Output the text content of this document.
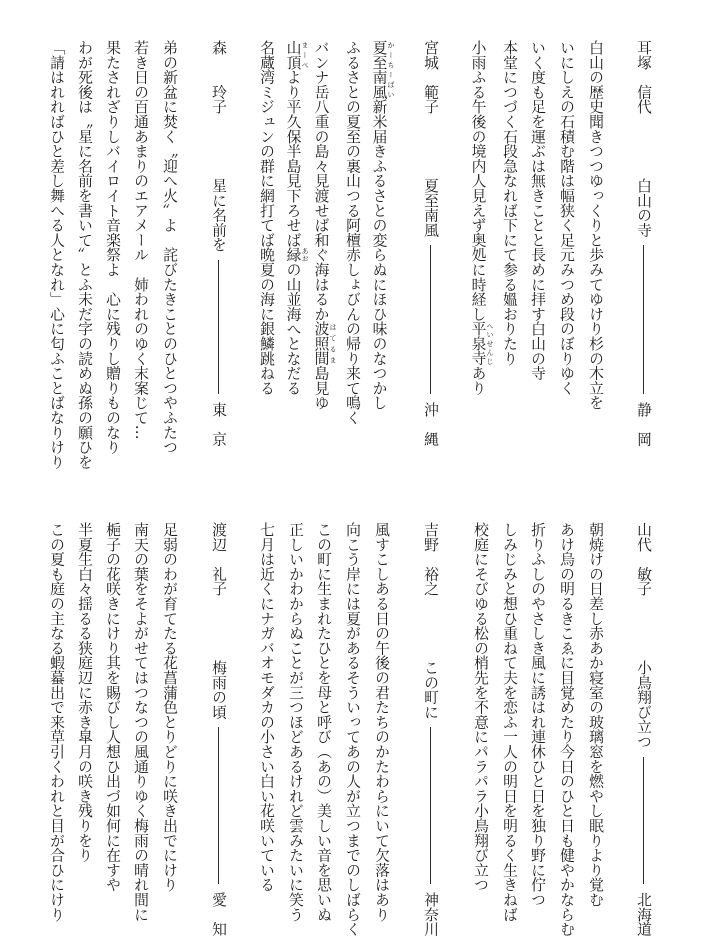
耳塚　信代
白山の寺
静　岡
白山の歴史聞きつつゆっくりと歩みてゆけり杉の木立を
いにしえの石積む階は幅狭く足元みつめ段のぼりゆく
いく度も足を運ぶは無きことと長めに拝す白山の寺
本堂につづく石段急なれば下にて参る媼おりたり
小雨ふる午後の境内人見えず奥処に時経し平泉寺 へいせんじあり
宮城　範子
夏至南風
沖　縄
夏至南風 かーちーばい新米届きふるさとの変らぬにほひ味のなつかし
ふるさとの夏至の裏山つる阿檀赤しょびんの帰り来て鳴く
バンナ岳八重の島々見渡せば和ぐ海はるか波照間 はてるま島見ゆ
山頂 まーぺより平久保半島見下ろせば緑 あおの山並海へとなだる
名蔵湾ミジュンの群に網打てば晩夏の海に銀鱗跳ねる
森　　玲子
星に名前を
東　京
弟の新盆に焚く〝迎へ火〟よ　詫びたきことのひとつやふたつ
若き日の百通あまりのエアメール　姉われのゆく末案じて…
果たされざりしバイロイト音楽祭よ　心に残りし贈りものなり
わが死後は〝星に名前を書いて〟とふ未だ字の読めぬ孫の願ひを
「請はれればひと差し舞へる人となれ」心に匂ふことばなりけり
山代　敏子
小鳥翔び立つ
北海道
朝焼けの日差し赤あか寝室の玻璃窓を燃やし眠りより覚む
あけ烏の明るきこゑに目覚めたり今日のひと日も健やかならむ
折りふしのやさしき風に誘はれ連休ひと日を独り野に佇つ
しみじみと想ひ重ねて夫を恋ふ一人の明日を明るく生きねば
校庭にそびゆる松の梢先を不意にパラパラ小鳥翔び立つ
吉野　裕之
この町に
神奈川
風すこしある日の午後の君たちのかたわらにいて欠落はあり
向こう岸には夏があるそういってあの人が立つまでのしばらく
この町に生まれたひとを母と呼び（あの）美しい音を思いぬ
正しいかわからぬことが三つほどあるけれど雲みたいに笑う
七月は近くにナガバオモダカの小さい白い花咲いている
渡辺　礼子
梅雨の頃
愛　知
足弱のわが育てたる花菖蒲色とりどりに咲き出でにけり
南天の葉をそよがせてはつなつの風通りゆく梅雨の晴れ間に
梔子の花咲きにけり其を賜びし人想ひ出づ如何に在すや
半夏生白々揺るる狭庭辺に赤き皐月の咲き残りをり
この夏も庭の主なる蝦蟇出で来草引くわれと目が合ひにけり
